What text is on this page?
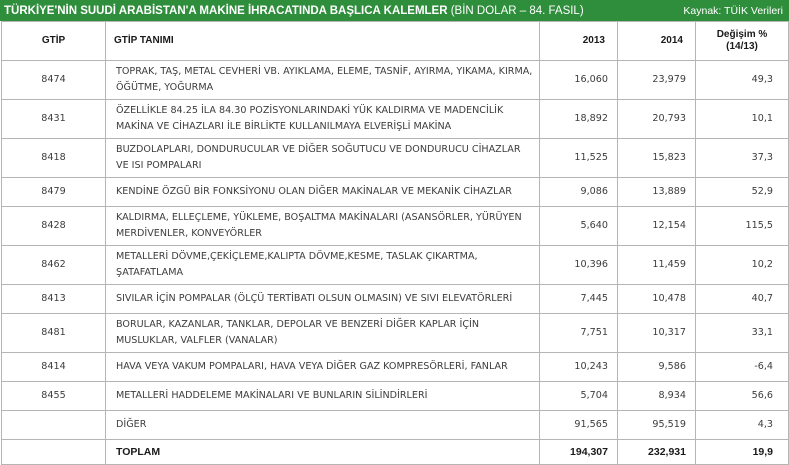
TÜRKİYE'NİN SUUDİ ARABİSTAN'A MAKİNE İHRACATINDA BAŞLICA KALEMLER (BİN DOLAR – 84. FASIL)	Kaynak: TÜİK Verileri
GTİP	GTİP TANIMI	2013	2014	Değişim %
(14/13)

8474	TOPRAK, TAŞ, METAL CEVHERİ VB. AYIKLAMA, ELEME, TASNİF, AYIRMA, YIKAMA, KIRMA, ÖĞÜTME, YOĞURMA	16,060	23,979	49,3
8431	ÖZELLİKLE 84.25 İLA 84.30 POZİSYONLARINDAKİ YÜK KALDIRMA VE MADENCİLİK MAKİNA VE CİHAZLARI İLE BİRLİKTE KULLANILMAYA ELVERİŞLİ MAKİNA	18,892	20,793	10,1
8418	BUZDOLAPLARI, DONDURUCULAR VE DİĞER SOĞUTUCU VE DONDURUCU CİHAZLAR VE ISI POMPALARI	11,525	15,823	37,3
8479	KENDİNE ÖZGÜ BİR FONKSİYONU OLAN DİĞER MAKİNALAR VE MEKANİK CİHAZLAR	9,086	13,889	52,9
8428	KALDIRMA, ELLEÇLEME, YÜKLEME, BOŞALTMA MAKİNALARI (ASANSÖRLER, YÜRÜYEN MERDİVENLER, KONVEYÖRLER	5,640	12,154	115,5
8462	METALLERİ DÖVME,ÇEKİÇLEME,KALIPTA DÖVME,KESME, TASLAK ÇIKARTMA, ŞATAFATLAMA	10,396	11,459	10,2
8413	SIVILAR İÇİN POMPALAR (ÖLÇÜ TERTİBATI OLSUN OLMASIN) VE SIVI ELEVATÖRLERİ	7,445	10,478	40,7
8481	BORULAR, KAZANLAR, TANKLAR, DEPOLAR VE BENZERİ DİĞER KAPLAR İÇİN MUSLUKLAR, VALFLER (VANALAR)	7,751	10,317	33,1
8414	HAVA VEYA VAKUM POMPALARI, HAVA VEYA DİĞER GAZ KOMPRESÖRLERİ, FANLAR	10,243	9,586	-6,4
8455	METALLERİ HADDELEME MAKİNALARI VE BUNLARIN SİLİNDİRLERİ	5,704	8,934	56,6
	DİĞER	91,565	95,519	4,3
	TOPLAM	194,307	232,931	19,9
